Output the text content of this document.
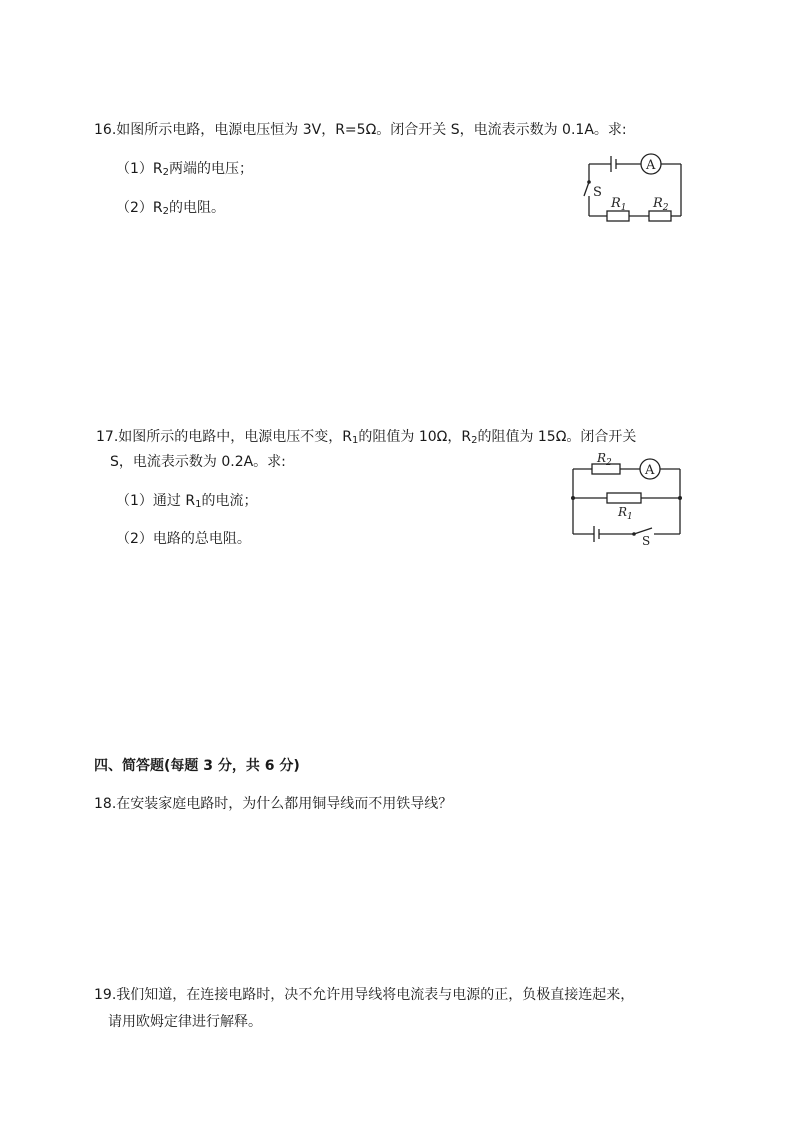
16.如图所示电路，电源电压恒为 3V，R=5Ω。闭合开关 S，电流表示数为 0.1A。求:
$(1)R_2$两端的电压；
$(2)R_2$的电阻。
A
S
$R_1$ $R_2$
17.如图所示的电路中，电源电压不变，$R_1$的阻值为 10Ω，$R_2$的阻值为 15Ω。闭合开关
S，电流表示数为 0.2A。求:
（1）通过 $R_1$的电流；
（2）电路的总电阻。
A
$R_2$
$R_1$
S
四、简答题(每题 3 分，共 6 分)
18.在安装家庭电路时，为什么都用铜导线而不用铁导线？
19.我们知道，在连接电路时，决不允许用导线将电流表与电源的正，负极直接连起来，
请用欧姆定律进行解释。
